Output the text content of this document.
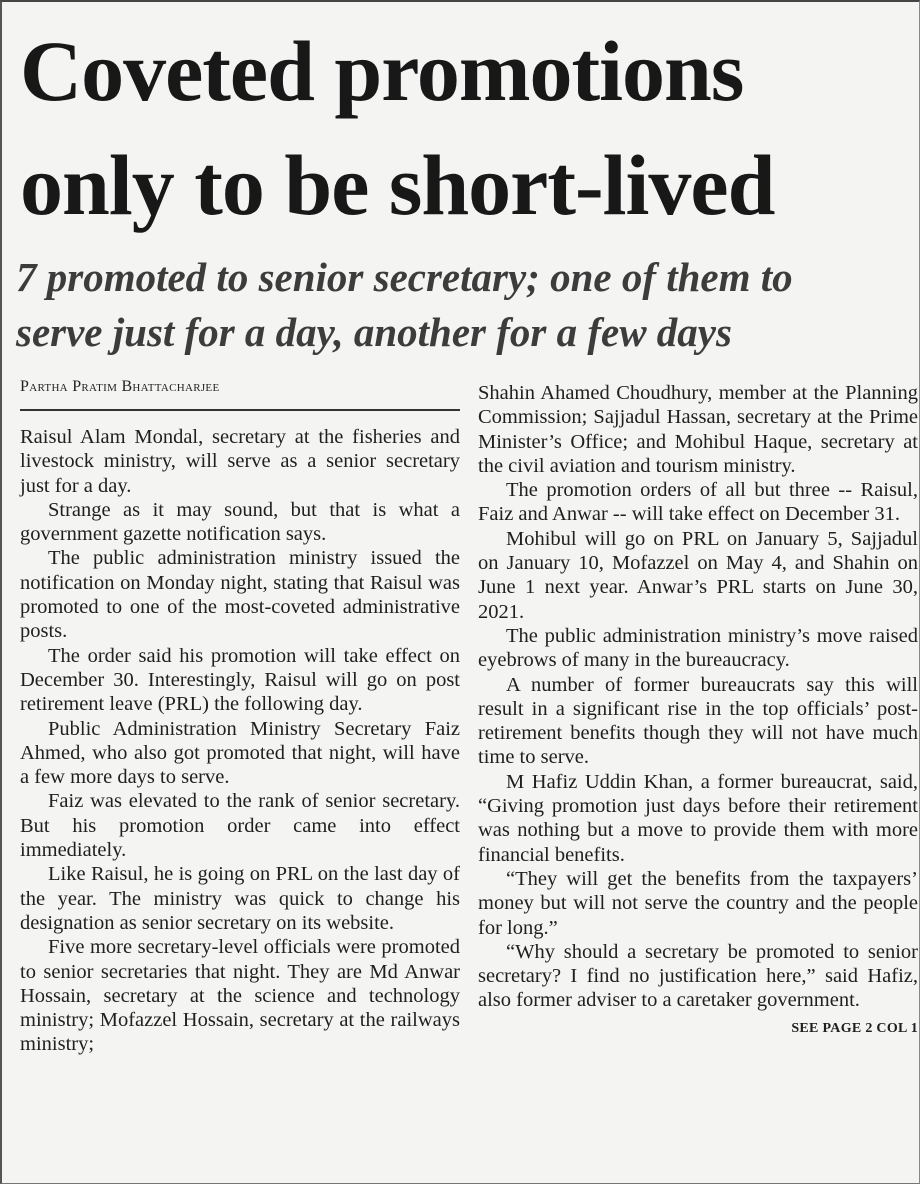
Coveted promotions
only to be short-lived
7 promoted to senior secretary; one of them to
serve just for a day, another for a few days
Partha Pratim Bhattacharjee

Raisul Alam Mondal, secretary at the fisheries and livestock ministry, will serve as a senior secretary just for a day.

Strange as it may sound, but that is what a government gazette notification says.

The public administration ministry issued the notification on Monday night, stating that Raisul was promoted to one of the most-coveted administrative posts.

The order said his promotion will take effect on December 30. Interestingly, Raisul will go on post retirement leave (PRL) the following day.

Public Administration Ministry Secretary Faiz Ahmed, who also got promoted that night, will have a few more days to serve.

Faiz was elevated to the rank of senior secretary. But his promotion order came into effect immediately.

Like Raisul, he is going on PRL on the last day of the year. The ministry was quick to change his designation as senior secretary on its website.

Five more secretary-level officials were promoted to senior secretaries that night. They are Md Anwar Hossain, secretary at the science and technology ministry; Mofazzel Hossain, secretary at the railways ministry;

Shahin Ahamed Choudhury, member at the Planning Commission; Sajjadul Hassan, secretary at the Prime Minister’s Office; and Mohibul Haque, secretary at the civil aviation and tourism ministry.

The promotion orders of all but three -- Raisul, Faiz and Anwar -- will take effect on December 31.

Mohibul will go on PRL on January 5, Sajjadul on January 10, Mofazzel on May 4, and Shahin on June 1 next year. Anwar’s PRL starts on June 30, 2021.

The public administration ministry’s move raised eyebrows of many in the bureaucracy.

A number of former bureaucrats say this will result in a significant rise in the top officials’ post-retirement benefits though they will not have much time to serve.

M Hafiz Uddin Khan, a former bureaucrat, said, “Giving promotion just days before their retirement was nothing but a move to provide them with more financial benefits.

“They will get the benefits from the taxpayers’ money but will not serve the country and the people for long.”

“Why should a secretary be promoted to senior secretary? I find no justification here,” said Hafiz, also former adviser to a caretaker government.
SEE PAGE 2 COL 1
